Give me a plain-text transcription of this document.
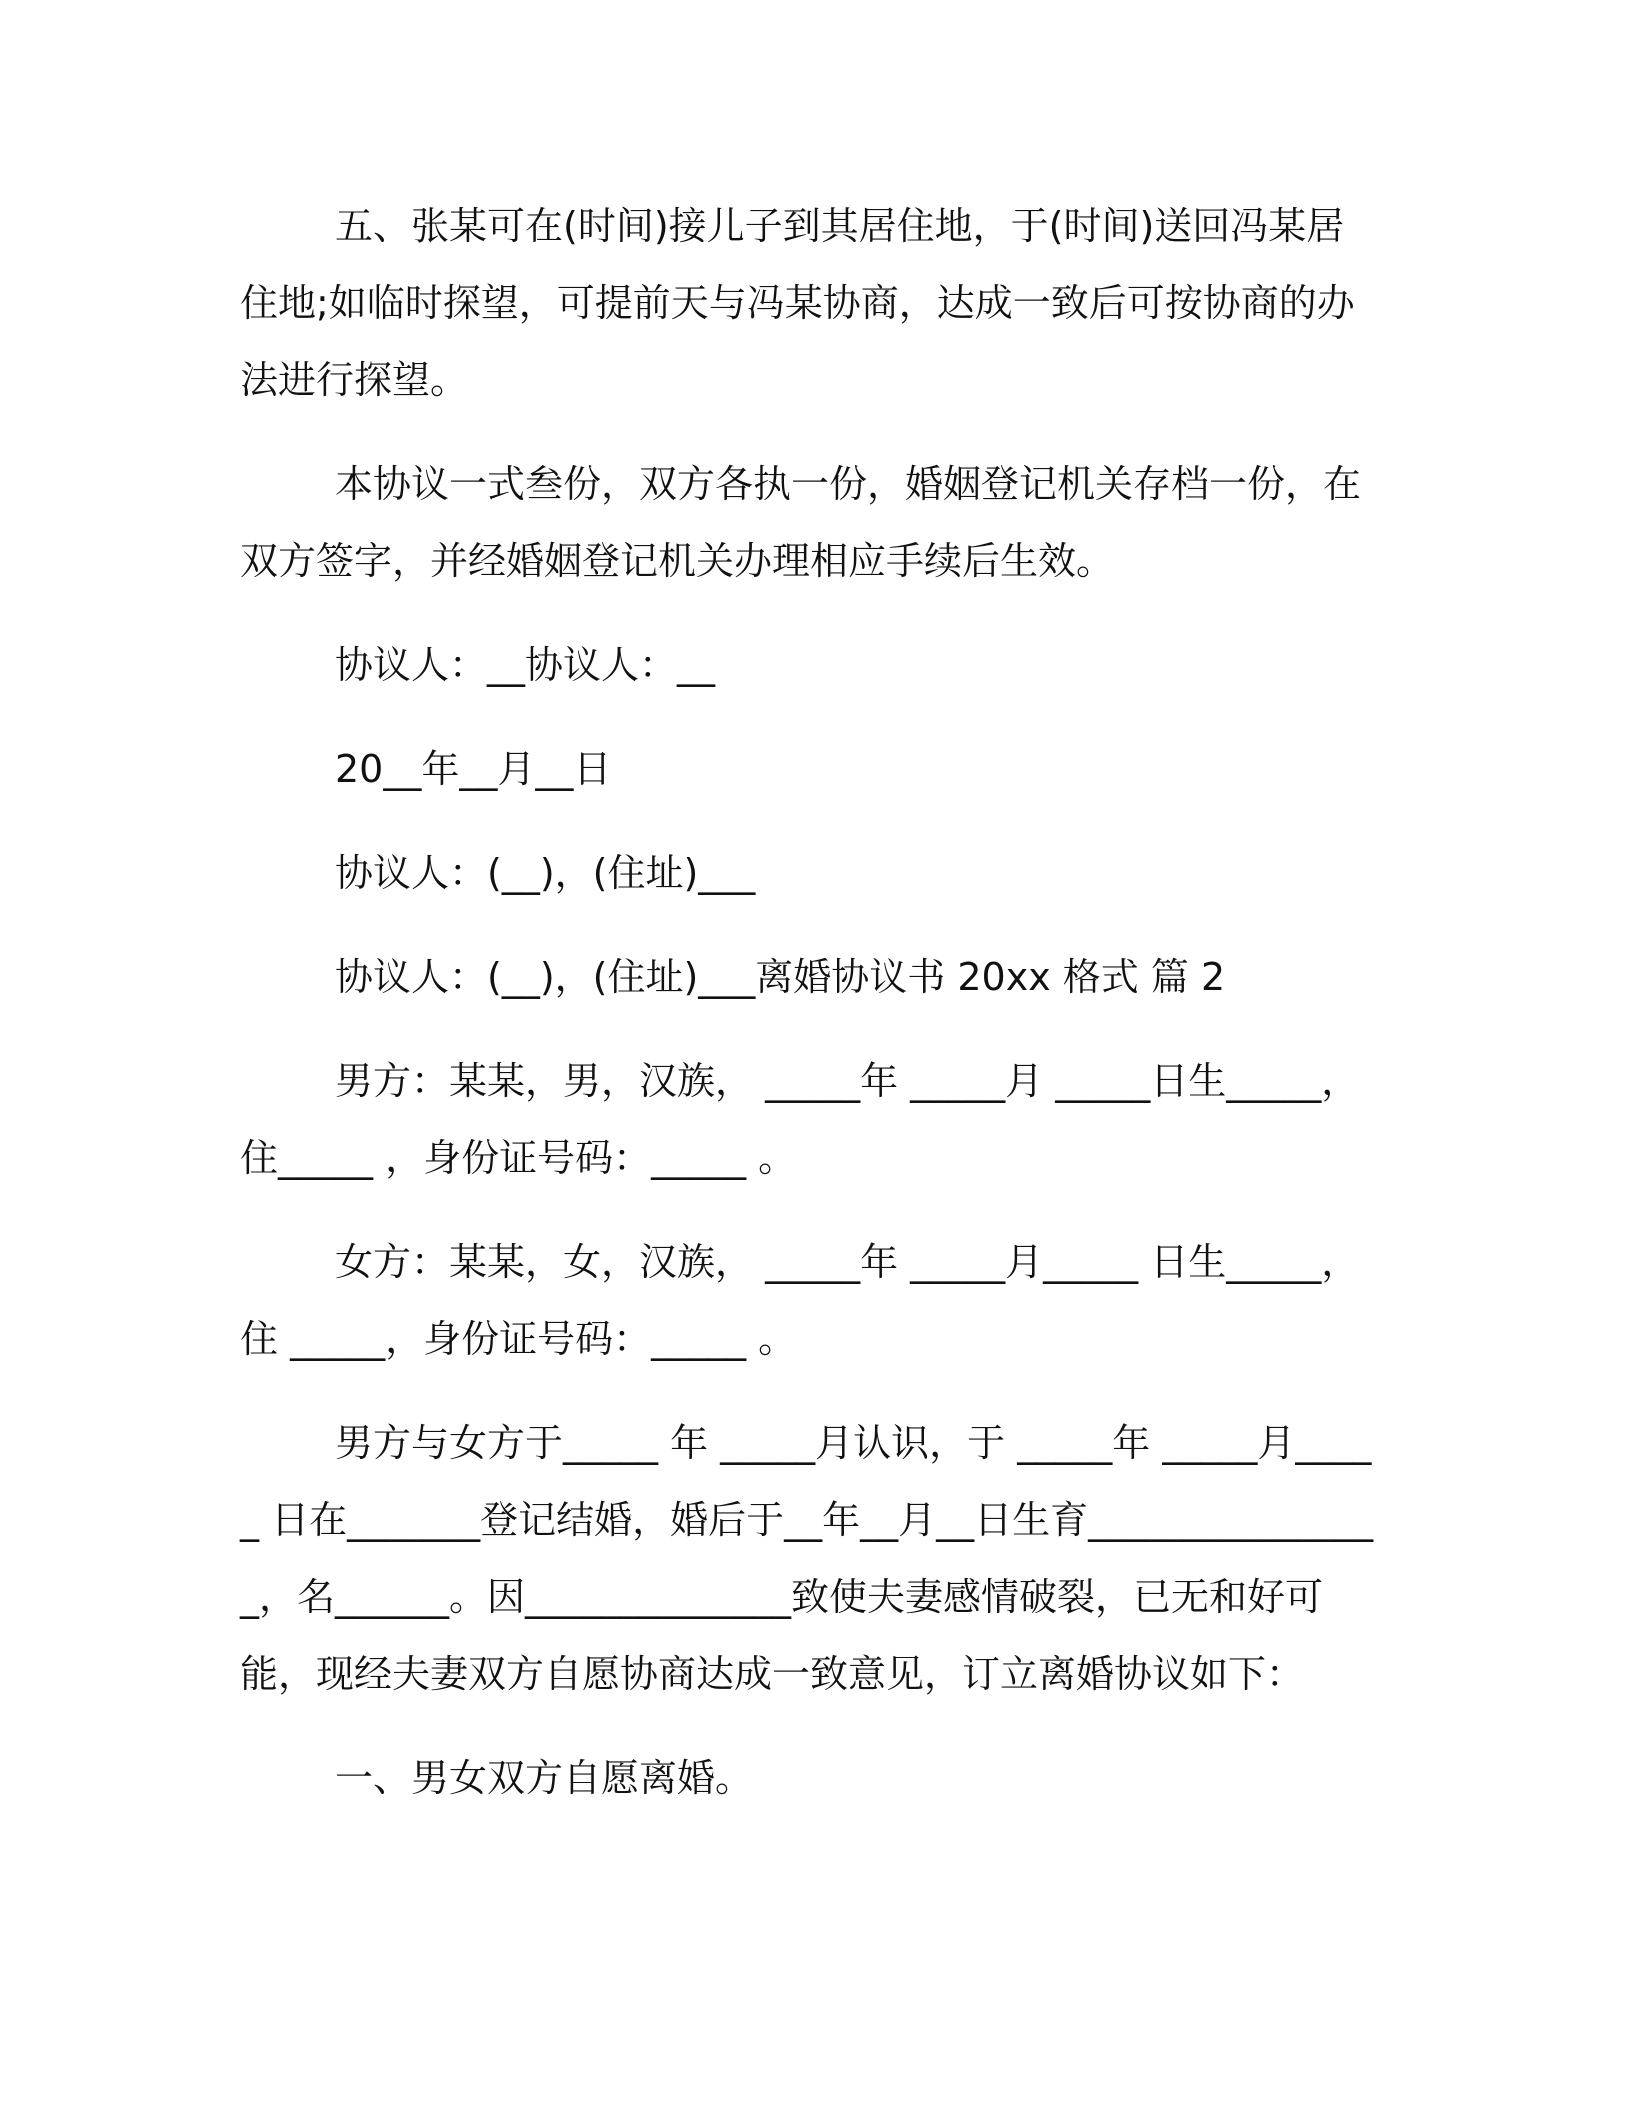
五、张某可在(时间)接儿子到其居住地，于(时间)送回冯某居住地;如临时探望，可提前天与冯某协商，达成一致后可按协商的办法进行探望。

本协议一式叁份，双方各执一份，婚姻登记机关存档一份，在双方签字，并经婚姻登记机关办理相应手续后生效。

协议人：__协议人：__

20__年__月__日

协议人：(__)，(住址)___

协议人：(__)，(住址)___离婚协议书 20xx 格式 篇 2

男方：某某，男，汉族， _____年 _____月 _____日生_____，住_____ ，身份证号码：_____ 。

女方：某某，女，汉族， _____年 _____月_____ 日生_____，住 _____，身份证号码：_____ 。

男方与女方于_____ 年 _____月认识，于 _____年 _____月_____ 日在_______登记结婚，婚后于__年__月__日生育________________，名______。因______________致使夫妻感情破裂，已无和好可能，现经夫妻双方自愿协商达成一致意见，订立离婚协议如下：

一、男女双方自愿离婚。
